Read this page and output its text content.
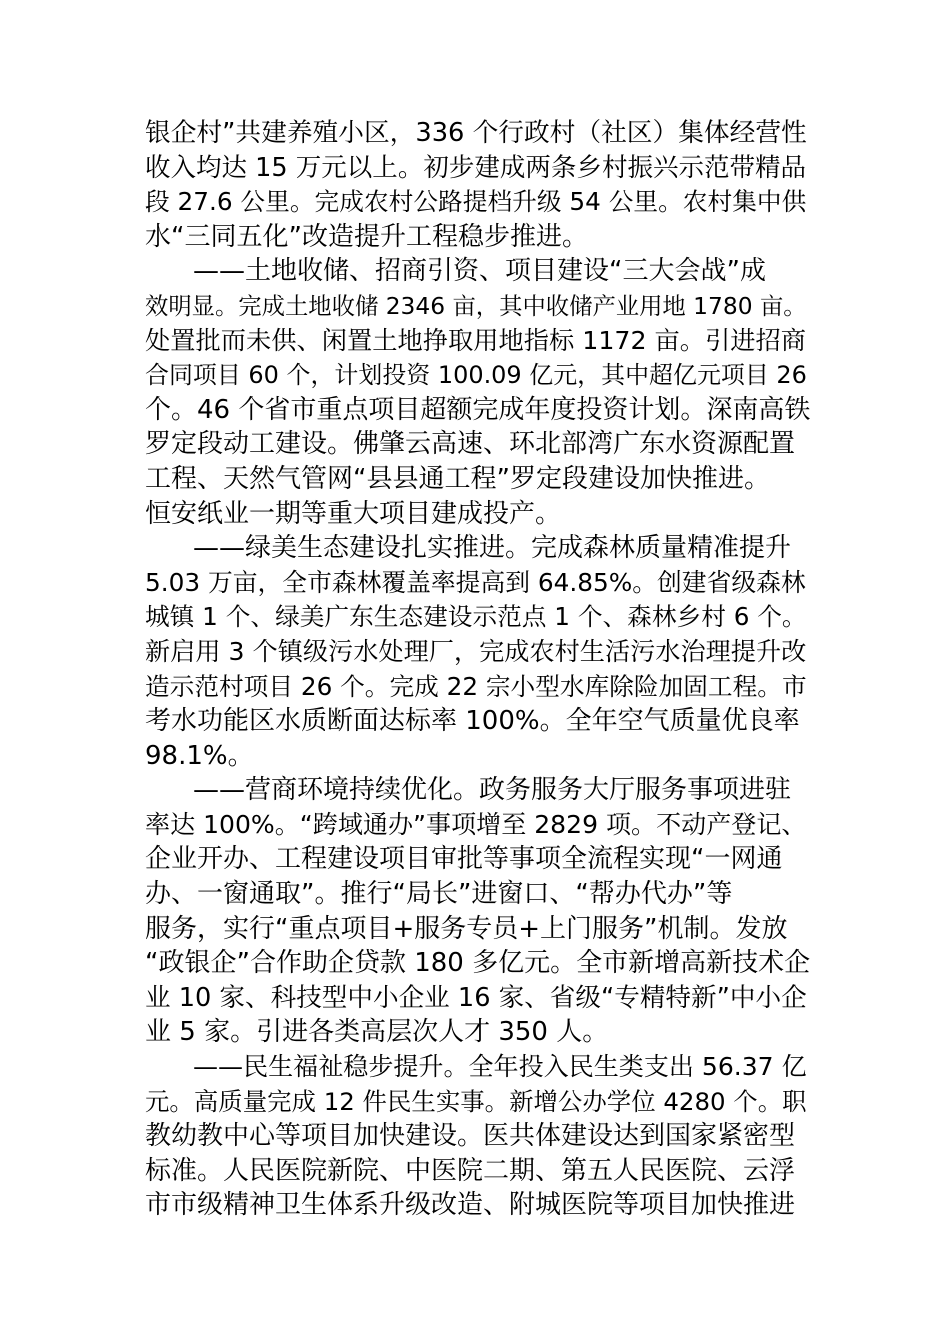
银企村”共建养殖小区，336 个行政村（社区）集体经营性
收入均达 15 万元以上。初步建成两条乡村振兴示范带精品
段 27.6 公里。完成农村公路提档升级 54 公里。农村集中供
水“三同五化”改造提升工程稳步推进。
——土地收储、招商引资、项目建设“三大会战”成
效明显。完成土地收储 2346 亩，其中收储产业用地 1780 亩。
处置批而未供、闲置土地挣取用地指标 1172 亩。引进招商
合同项目 60 个，计划投资 100.09 亿元，其中超亿元项目 26
个。46 个省市重点项目超额完成年度投资计划。深南高铁
罗定段动工建设。佛肇云高速、环北部湾广东水资源配置
工程、天然气管网“县县通工程”罗定段建设加快推进。
恒安纸业一期等重大项目建成投产。
——绿美生态建设扎实推进。完成森林质量精准提升
5.03 万亩，全市森林覆盖率提高到 64.85%。创建省级森林
城镇 1 个、绿美广东生态建设示范点 1 个、森林乡村 6 个。
新启用 3 个镇级污水处理厂，完成农村生活污水治理提升改
造示范村项目 26 个。完成 22 宗小型水库除险加固工程。市
考水功能区水质断面达标率 100%。全年空气质量优良率
98.1%。
——营商环境持续优化。政务服务大厅服务事项进驻
率达 100%。“跨域通办”事项增至 2829 项。不动产登记、
企业开办、工程建设项目审批等事项全流程实现“一网通
办、一窗通取”。推行“局长”进窗口、“帮办代办”等
服务，实行“重点项目+服务专员+上门服务”机制。发放
“政银企”合作助企贷款 180 多亿元。全市新增高新技术企
业 10 家、科技型中小企业 16 家、省级“专精特新”中小企
业 5 家。引进各类高层次人才 350 人。
——民生福祉稳步提升。全年投入民生类支出 56.37 亿
元。高质量完成 12 件民生实事。新增公办学位 4280 个。职
教幼教中心等项目加快建设。医共体建设达到国家紧密型
标准。人民医院新院、中医院二期、第五人民医院、云浮
市市级精神卫生体系升级改造、附城医院等项目加快推进
